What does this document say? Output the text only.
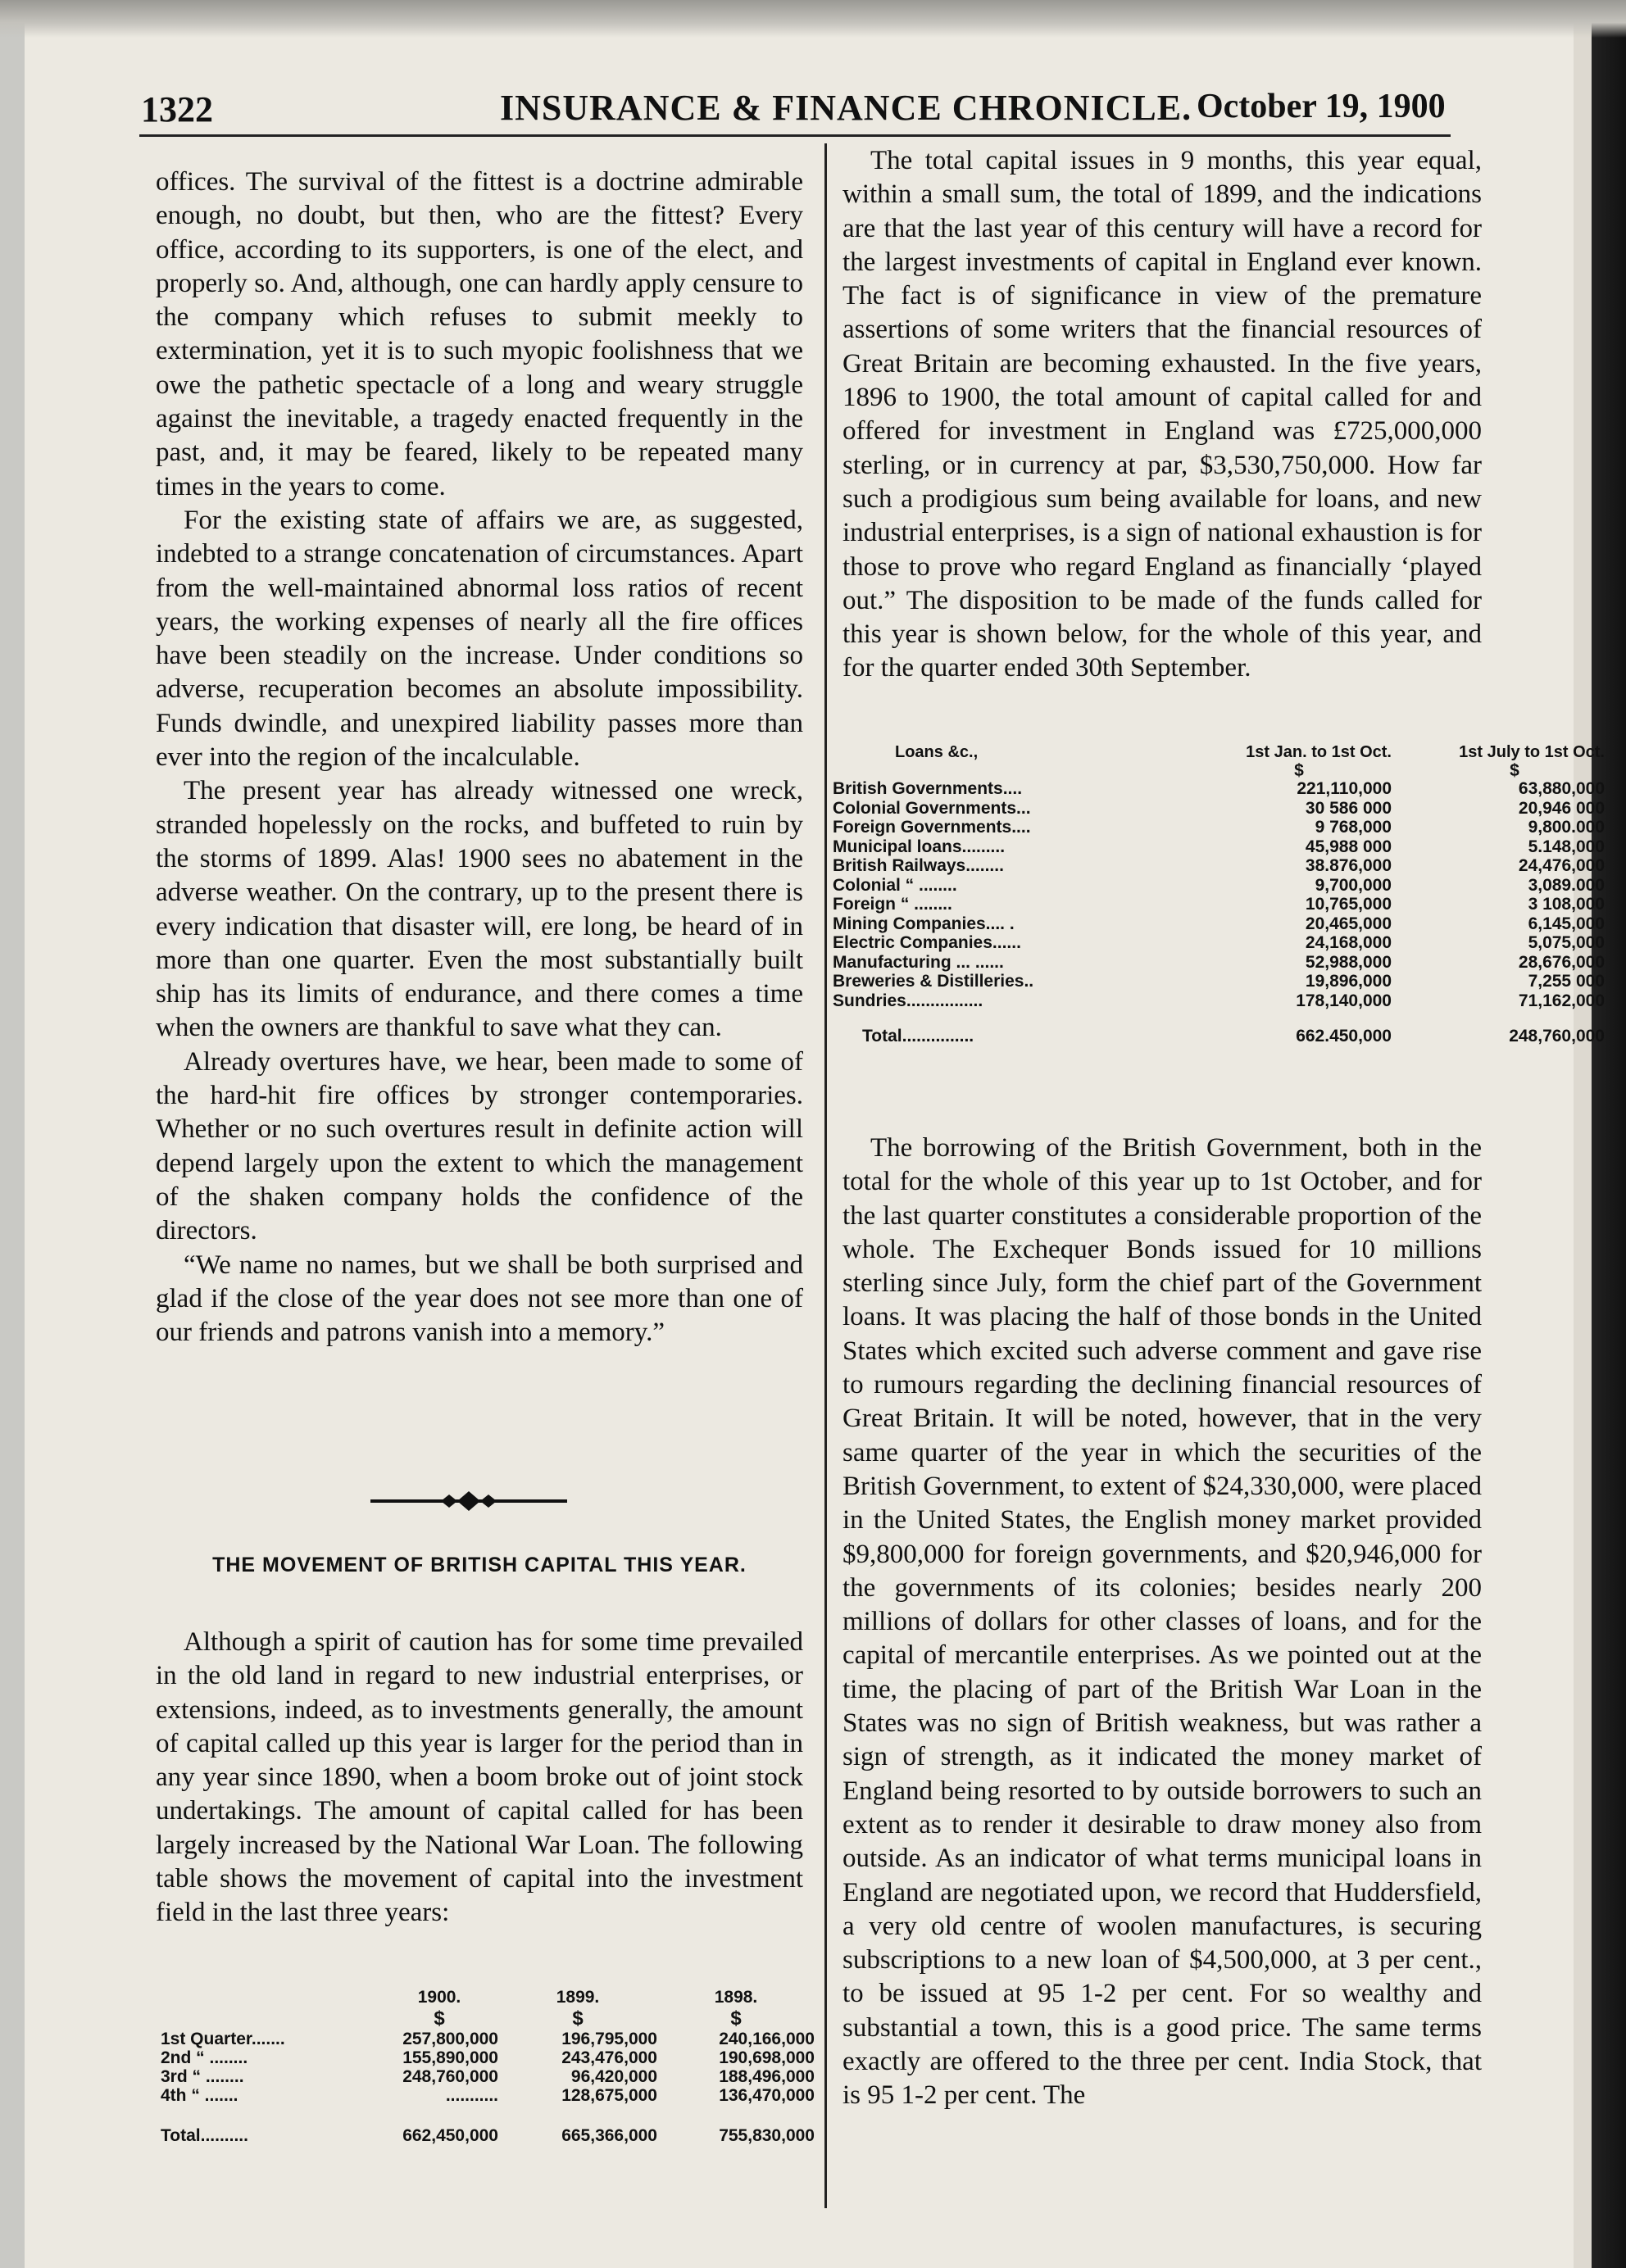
1322	INSURANCE & FINANCE CHRONICLE. October 19, 1900

offices. The survival of the fittest is a doctrine admirable enough, no doubt, but then, who are the fittest? Every office, according to its supporters, is one of the elect, and properly so. And, although, one can hardly apply censure to the company which refuses to submit meekly to extermination, yet it is to such myopic foolishness that we owe the pathetic spectacle of a long and weary struggle against the inevitable, a tragedy enacted frequently in the past, and, it may be feared, likely to be repeated many times in the years to come.

For the existing state of affairs we are, as suggested, indebted to a strange concatenation of circumstances. Apart from the well-maintained abnormal loss ratios of recent years, the working expenses of nearly all the fire offices have been steadily on the increase. Under conditions so adverse, recuperation becomes an absolute impossibility. Funds dwindle, and unexpired liability passes more than ever into the region of the incalculable.

The present year has already witnessed one wreck, stranded hopelessly on the rocks, and buffeted to ruin by the storms of 1899. Alas! 1900 sees no abatement in the adverse weather. On the contrary, up to the present there is every indication that disaster will, ere long, be heard of in more than one quarter. Even the most substantially built ship has its limits of endurance, and there comes a time when the owners are thankful to save what they can.

Already overtures have, we hear, been made to some of the hard-hit fire offices by stronger contemporaries. Whether or no such overtures result in definite action will depend largely upon the extent to which the management of the shaken company holds the confidence of the directors.

“We name no names, but we shall be both surprised and glad if the close of the year does not see more than one of our friends and patrons vanish into a memory.”

THE MOVEMENT OF BRITISH CAPITAL THIS YEAR.

Although a spirit of caution has for some time prevailed in the old land in regard to new industrial enterprises, or extensions, indeed, as to investments generally, the amount of capital called up this year is larger for the period than in any year since 1890, when a boom broke out of joint stock undertakings. The amount of capital called for has been largely increased by the National War Loan. The following table shows the movement of capital into the investment field in the last three years:

	1900.	1899.	1898.
	$	$	$
1st Quarter.......	257,800,000	196,795,000	240,166,000
2nd “ ........	155,890,000	243,476,000	190,698,000
3rd “ ........	248,760,000	96,420,000	188,496,000
4th “ .......	...........	128,675,000	136,470,000
Total..........	662,450,000	665,366,000	755,830,000

The total capital issues in 9 months, this year equal, within a small sum, the total of 1899, and the indications are that the last year of this century will have a record for the largest investments of capital in England ever known. The fact is of significance in view of the premature assertions of some writers that the financial resources of Great Britain are becoming exhausted. In the five years, 1896 to 1900, the total amount of capital called for and offered for investment in England was £725,000,000 sterling, or in currency at par, $3,530,750,000. How far such a prodigious sum being available for loans, and new industrial enterprises, is a sign of national exhaustion is for those to prove who regard England as financially ‘played out.” The disposition to be made of the funds called for this year is shown below, for the whole of this year, and for the quarter ended 30th September.

Loans &c.,	1st Jan. to 1st Oct.	1st July to 1st Oct.
	$	$
British Governments....	221,110,000	63,880,000
Colonial Governments...	30 586 000	20,946 000
Foreign Governments....	9 768,000	9,800.000
Municipal loans.........	45,988 000	5.148,000
British Railways........	38.876,000	24,476,000
Colonial “ ........	9,700,000	3,089.000
Foreign “ ........	10,765,000	3 108,000
Mining Companies.... .	20,465,000	6,145,000
Electric Companies......	24,168,000	5,075,000
Manufacturing ... ......	52,988,000	28,676,000
Breweries & Distilleries..	19,896,000	7,255 000
Sundries................	178,140,000	71,162,000
Total...............	662.450,000	248,760,000

The borrowing of the British Government, both in the total for the whole of this year up to 1st October, and for the last quarter constitutes a considerable proportion of the whole. The Exchequer Bonds issued for 10 millions sterling since July, form the chief part of the Government loans. It was placing the half of those bonds in the United States which excited such adverse comment and gave rise to rumours regarding the declining financial resources of Great Britain. It will be noted, however, that in the very same quarter of the year in which the securities of the British Government, to extent of $24,330,000, were placed in the United States, the English money market provided $9,800,000 for foreign governments, and $20,946,000 for the governments of its colonies; besides nearly 200 millions of dollars for other classes of loans, and for the capital of mercantile enterprises. As we pointed out at the time, the placing of part of the British War Loan in the States was no sign of British weakness, but was rather a sign of strength, as it indicated the money market of England being resorted to by outside borrowers to such an extent as to render it desirable to draw money also from outside. As an indicator of what terms municipal loans in England are negotiated upon, we record that Huddersfield, a very old centre of woolen manufactures, is securing subscriptions to a new loan of $4,500,000, at 3 per cent., to be issued at 95 1-2 per cent. For so wealthy and substantial a town, this is a good price. The same terms exactly are offered to the three per cent. India Stock, that is 95 1-2 per cent. The
